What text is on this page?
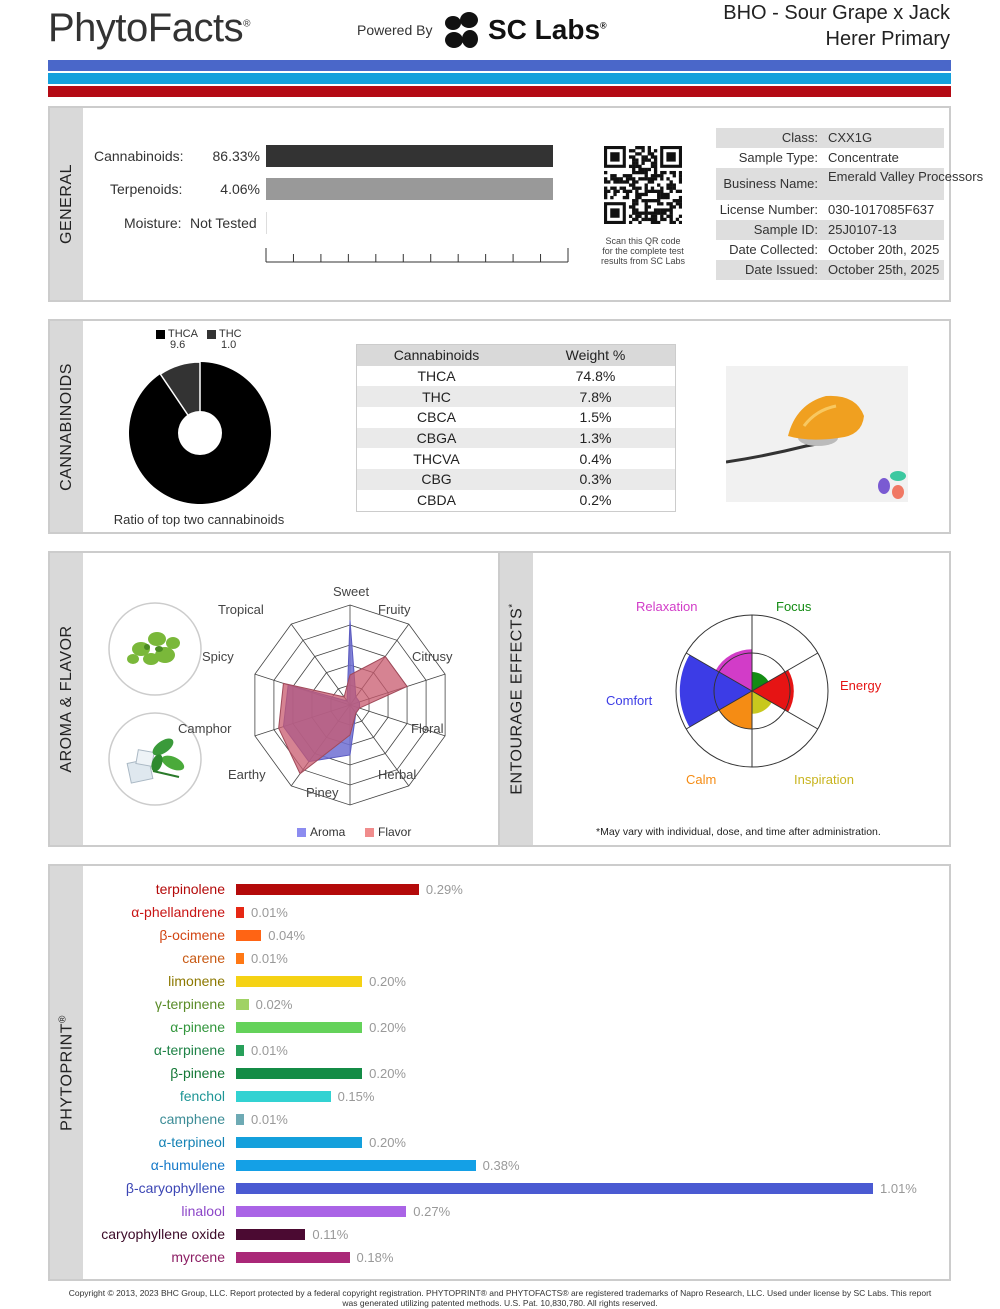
PhytoFacts®	Powered By SC Labs®
BHO - Sour Grape x Jack
Herer Primary
GENERAL
Cannabinoids:	86.33%
Terpenoids:	4.06%
Moisture: Not Tested
Scan this QR code
for the complete test
results from SC Labs
Class: CXX1G
Sample Type: Concentrate
Business Name: Emerald Valley Processors
License Number: 030-1017085F637
Sample ID: 25J0107-13
Date Collected: October 20th, 2025
Date Issued: October 25th, 2025
CANNABINOIDS
THCA
9.6
THC
1.0
Ratio of top two cannabinoids
Cannabinoids	Weight %
THCA	74.8%
THC	7.8%
CBCA	1.5%
CBGA	1.3%
THCVA	0.4%
CBG	0.3%
CBDA	0.2%
AROMA & FLAVOR
Sweet
Fruity
Citrusy
Floral
Herbal
Piney
Earthy
Camphor
Spicy
Tropical
Aroma	Flavor
ENTOURAGE EFFECTS*	Relaxation	Focus
Energy
Inspiration
Calm
Comfort
*May vary with individual, dose, and time after administration.
PHYTOPRINT®
terpinolene	0.29%
α-phellandrene 0.01%
β-ocimene	0.04%
carene 0.01%
limonene	0.20%
γ-terpinene 0.02%
α-pinene	0.20%
α-terpinene 0.01%
β-pinene	0.20%
fenchol	0.15%
camphene 0.01%
α-terpineol	0.20%
α-humulene	0.38%
β-caryophyllene	1.01%
linalool	0.27%
caryophyllene oxide	0.11%
myrcene	0.18%
Copyright © 2013, 2023 BHC Group, LLC. Report protected by a federal copyright registration. PHYTOPRINT® and PHYTOFACTS® are registered trademarks of Napro Research, LLC. Used under license by SC Labs. This report
was generated utilizing patented methods. U.S. Pat. 10,830,780. All rights reserved.
